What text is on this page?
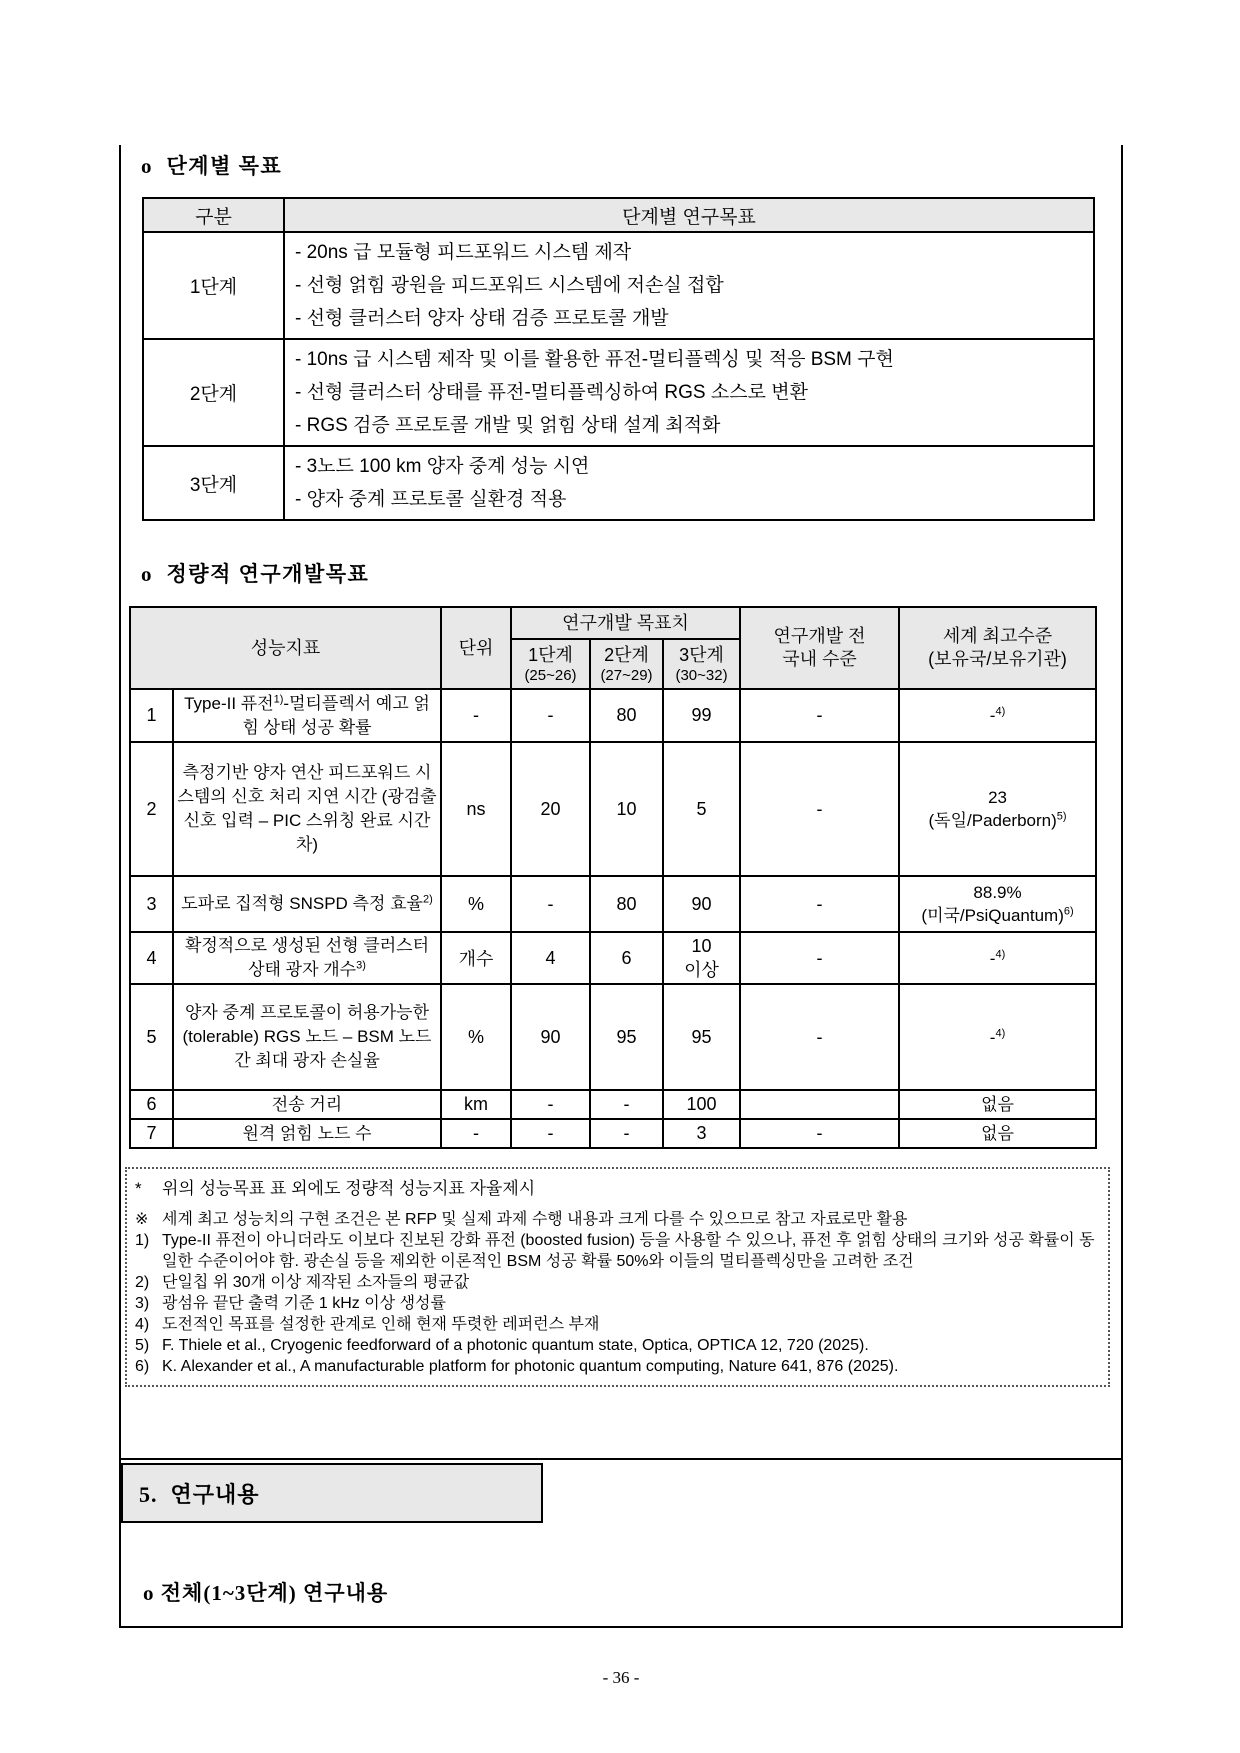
o  단계별 목표
구분	단계별 연구목표
1단계	- 20ns 급 모듈형 피드포워드 시스템 제작
- 선형 얽힘 광원을 피드포워드 시스템에 저손실 접합
- 선형 클러스터 양자 상태 검증 프로토콜 개발

2단계	- 10ns 급 시스템 제작 및 이를 활용한 퓨전-멀티플렉싱 및 적응 BSM 구현
- 선형 클러스터 상태를 퓨전-멀티플렉싱하여 RGS 소스로 변환
- RGS 검증 프로토콜 개발 및 얽힘 상태 설계 최적화

3단계	- 3노드 100 km 양자 중계 성능 시연
- 양자 중계 프로토콜 실환경 적용
o  정량적 연구개발목표
성능지표		단위	연구개발 목표치			연구개발 전
국내 수준	세계 최고수준
(보유국/보유기관)

			1단계
(25~26)	2단계
(27~29)	3단계
(30~32)		

1	Type-II 퓨전$^{1)}$-멀티플렉서 예고 얽힘 상태 성공 확률	-	-	80	99	-	-$^{4)}$

2	측정기반 양자 연산 피드포워드 시스템의 신호 처리 지연 시간 (광검출 신호 입력 – PIC 스위칭 완료 시간차)	ns	20	10	5	-	23
(독일/Paderborn)$^{5)}$

3	도파로 집적형 SNSPD 측정 효율$^{2)}$	%	-	80	90	-	88.9%
(미국/PsiQuantum)$^{6)}$

4	확정적으로 생성된 선형 클러스터 상태 광자 개수$^{3)}$	개수	4	6	10 이상	-	-$^{4)}$

5	양자 중계 프로토콜이 허용가능한(tolerable) RGS 노드 – BSM 노드 간 최대 광자 손실율	%	90	95	95	-	-$^{4)}$

6	전송 거리	km	-	-	100		없음

7	원격 얽힘 노드 수	-	-	-	3	-	없음
*	위의 성능목표 표 외에도 정량적 성능지표 자율제시
※ 세계 최고 성능치의 구현 조건은 본 RFP 및 실제 과제 수행 내용과 크게 다를 수 있으므로 참고 자료로만 활용
1) Type-II 퓨전이 아니더라도 이보다 진보된 강화 퓨전 (boosted fusion) 등을 사용할 수 있으나, 퓨전 후 얽힘 상태의 크기와 성공 확률이 동일한 수준이어야 함. 광손실 등을 제외한 이론적인 BSM 성공 확률 50%와 이들의 멀티플렉싱만을 고려한 조건
2) 단일칩 위 30개 이상 제작된 소자들의 평균값
3) 광섬유 끝단 출력 기준 1 kHz 이상 생성률
4) 도전적인 목표를 설정한 관계로 인해 현재 뚜렷한 레퍼런스 부재
5) F. Thiele et al., Cryogenic feedforward of a photonic quantum state, Optica, OPTICA 12, 720 (2025).
6) K. Alexander et al., A manufacturable platform for photonic quantum computing, Nature 641, 876 (2025).
5.  연구내용
o 전체(1~3단계) 연구내용
- 36 -
